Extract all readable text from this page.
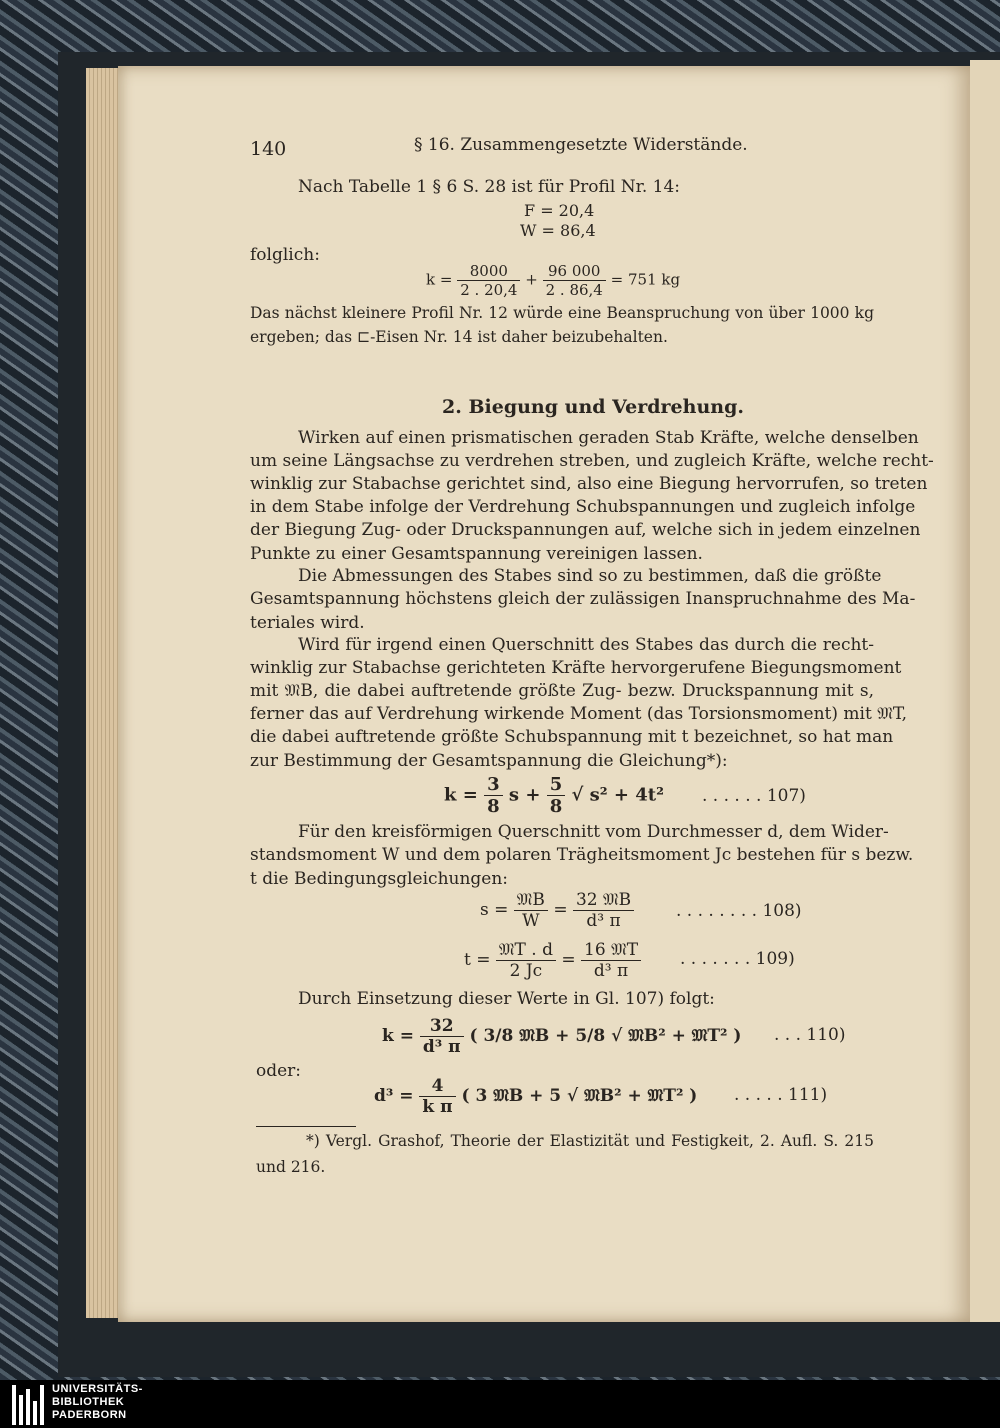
140	§ 16. Zusammengesetzte Widerstände.
Nach Tabelle 1 § 6 S. 28 ist für Profil Nr. 14:
F = 20,4
W = 86,4
folglich:
$k = \frac{8000}{2 . 20,4} + \frac{96 000}{2 . 86,4} = 751$ kg
Das nächst kleinere Profil Nr. 12 würde eine Beanspruchung von über 1000 kg
ergeben; das ⊏-Eisen Nr. 14 ist daher beizubehalten.
2. Biegung und Verdrehung.
Wirken auf einen prismatischen geraden Stab Kräfte, welche denselben
um seine Längsachse zu verdrehen streben, und zugleich Kräfte, welche recht-
winklig zur Stabachse gerichtet sind, also eine Biegung hervorrufen, so treten
in dem Stabe infolge der Verdrehung Schubspannungen und zugleich infolge
der Biegung Zug- oder Druckspannungen auf, welche sich in jedem einzelnen
Punkte zu einer Gesamtspannung vereinigen lassen.
Die Abmessungen des Stabes sind so zu bestimmen, daß die größte
Gesamtspannung höchstens gleich der zulässigen Inanspruchnahme des Ma-
teriales wird.
Wird für irgend einen Querschnitt des Stabes das durch die recht-
winklig zur Stabachse gerichteten Kräfte hervorgerufene Biegungsmoment
mit 𝔐B, die dabei auftretende größte Zug- bezw. Druckspannung mit s,
ferner das auf Verdrehung wirkende Moment (das Torsionsmoment) mit 𝔐T,
die dabei auftretende größte Schubspannung mit t bezeichnet, so hat man
zur Bestimmung der Gesamtspannung die Gleichung*):
$k = \frac{3}{8}$ $s + \frac{5}{8}$ √ s² + 4t² . . . . . . 107)
Für den kreisförmigen Querschnitt vom Durchmesser d, dem Wider-
standsmoment W und dem polaren Trägheitsmoment Jc bestehen für s bezw.
t die Bedingungsgleichungen:
$s = \frac{\text{𝔐B}}{W} = \frac{\text{32 𝔐B}}{\text{d³ π}}$ . . . . . . . . 108)
$t = \frac{\text{𝔐T . d}}{2 Jc} = \frac{\text{16 𝔐T}}{\text{d³ π}}$ . . . . . . . 109)
Durch Einsetzung dieser Werte in Gl. 107) folgt:
$k = \frac{32}{\text{d³ π}}$ ( 3/8 𝔐B + 5/8 √ 𝔐B² + 𝔐T² ) . . . 110)
oder:
$d^3 = \frac{4}{\text{k π}}$ ( 3 𝔐B + 5 √ 𝔐B² + 𝔐T² ) . . . . . 111)
*) Vergl. Grashof, Theorie der Elastizität und Festigkeit, 2. Aufl. S. 215
und 216.
UNIVERSITÄTS-
BIBLIOTHEK
PADERBORN
